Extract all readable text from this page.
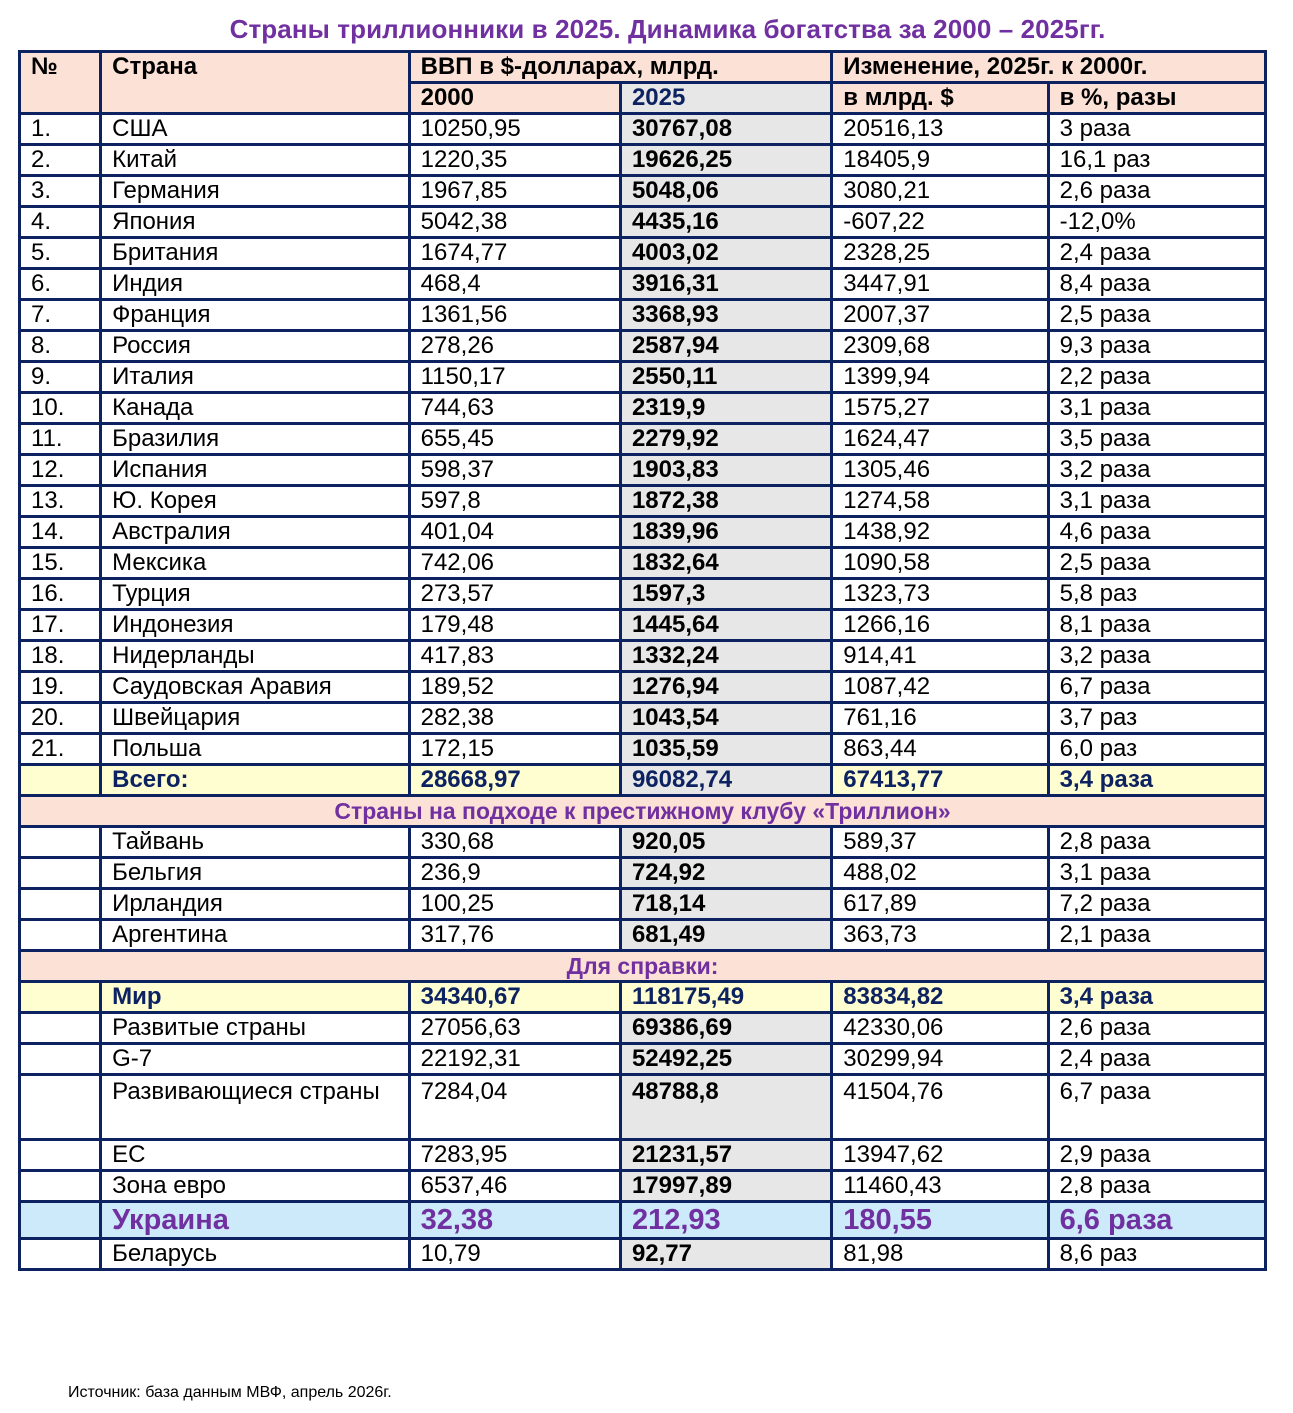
Страны триллионники в 2025. Динамика богатства за 2000 – 2025гг.
№	Страна	ВВП в $-долларах, млрд.		Изменение, 2025г. к 2000г.	
		2000	2025	в млрд. $	в %, разы
1.	США	10250,95	30767,08	20516,13	3 раза
2.	Китай	1220,35	19626,25	18405,9	16,1 раз
3.	Германия	1967,85	5048,06	3080,21	2,6 раза
4.	Япония	5042,38	4435,16	-607,22	-12,0%
5.	Британия	1674,77	4003,02	2328,25	2,4 раза
6.	Индия	468,4	3916,31	3447,91	8,4 раза
7.	Франция	1361,56	3368,93	2007,37	2,5 раза
8.	Россия	278,26	2587,94	2309,68	9,3 раза
9.	Италия	1150,17	2550,11	1399,94	2,2 раза
10.	Канада	744,63	2319,9	1575,27	3,1 раза
11.	Бразилия	655,45	2279,92	1624,47	3,5 раза
12.	Испания	598,37	1903,83	1305,46	3,2 раза
13.	Ю. Корея	597,8	1872,38	1274,58	3,1 раза
14.	Австралия	401,04	1839,96	1438,92	4,6 раза
15.	Мексика	742,06	1832,64	1090,58	2,5 раза
16.	Турция	273,57	1597,3	1323,73	5,8 раз
17.	Индонезия	179,48	1445,64	1266,16	8,1 раза
18.	Нидерланды	417,83	1332,24	914,41	3,2 раза
19.	Саудовская Аравия	189,52	1276,94	1087,42	6,7 раза
20.	Швейцария	282,38	1043,54	761,16	3,7 раз
21.	Польша	172,15	1035,59	863,44	6,0 раз
	Всего:	28668,97	96082,74	67413,77	3,4 раза
Страны на подходе к престижному клубу «Триллион»					
	Тайвань	330,68	920,05	589,37	2,8 раза
	Бельгия	236,9	724,92	488,02	3,1 раза
	Ирландия	100,25	718,14	617,89	7,2 раза
	Аргентина	317,76	681,49	363,73	2,1 раза
Для справки:					
	Мир	34340,67	118175,49	83834,82	3,4 раза
	Развитые страны	27056,63	69386,69	42330,06	2,6 раза
	G-7	22192,31	52492,25	30299,94	2,4 раза
	Развивающиеся страны	7284,04	48788,8	41504,76	6,7 раза
	ЕС	7283,95	21231,57	13947,62	2,9 раза
	Зона евро	6537,46	17997,89	11460,43	2,8 раза
	Украина	32,38	212,93	180,55	6,6 раза
	Беларусь	10,79	92,77	81,98	8,6 раз
Источник: база данным МВФ, апрель 2026г.
